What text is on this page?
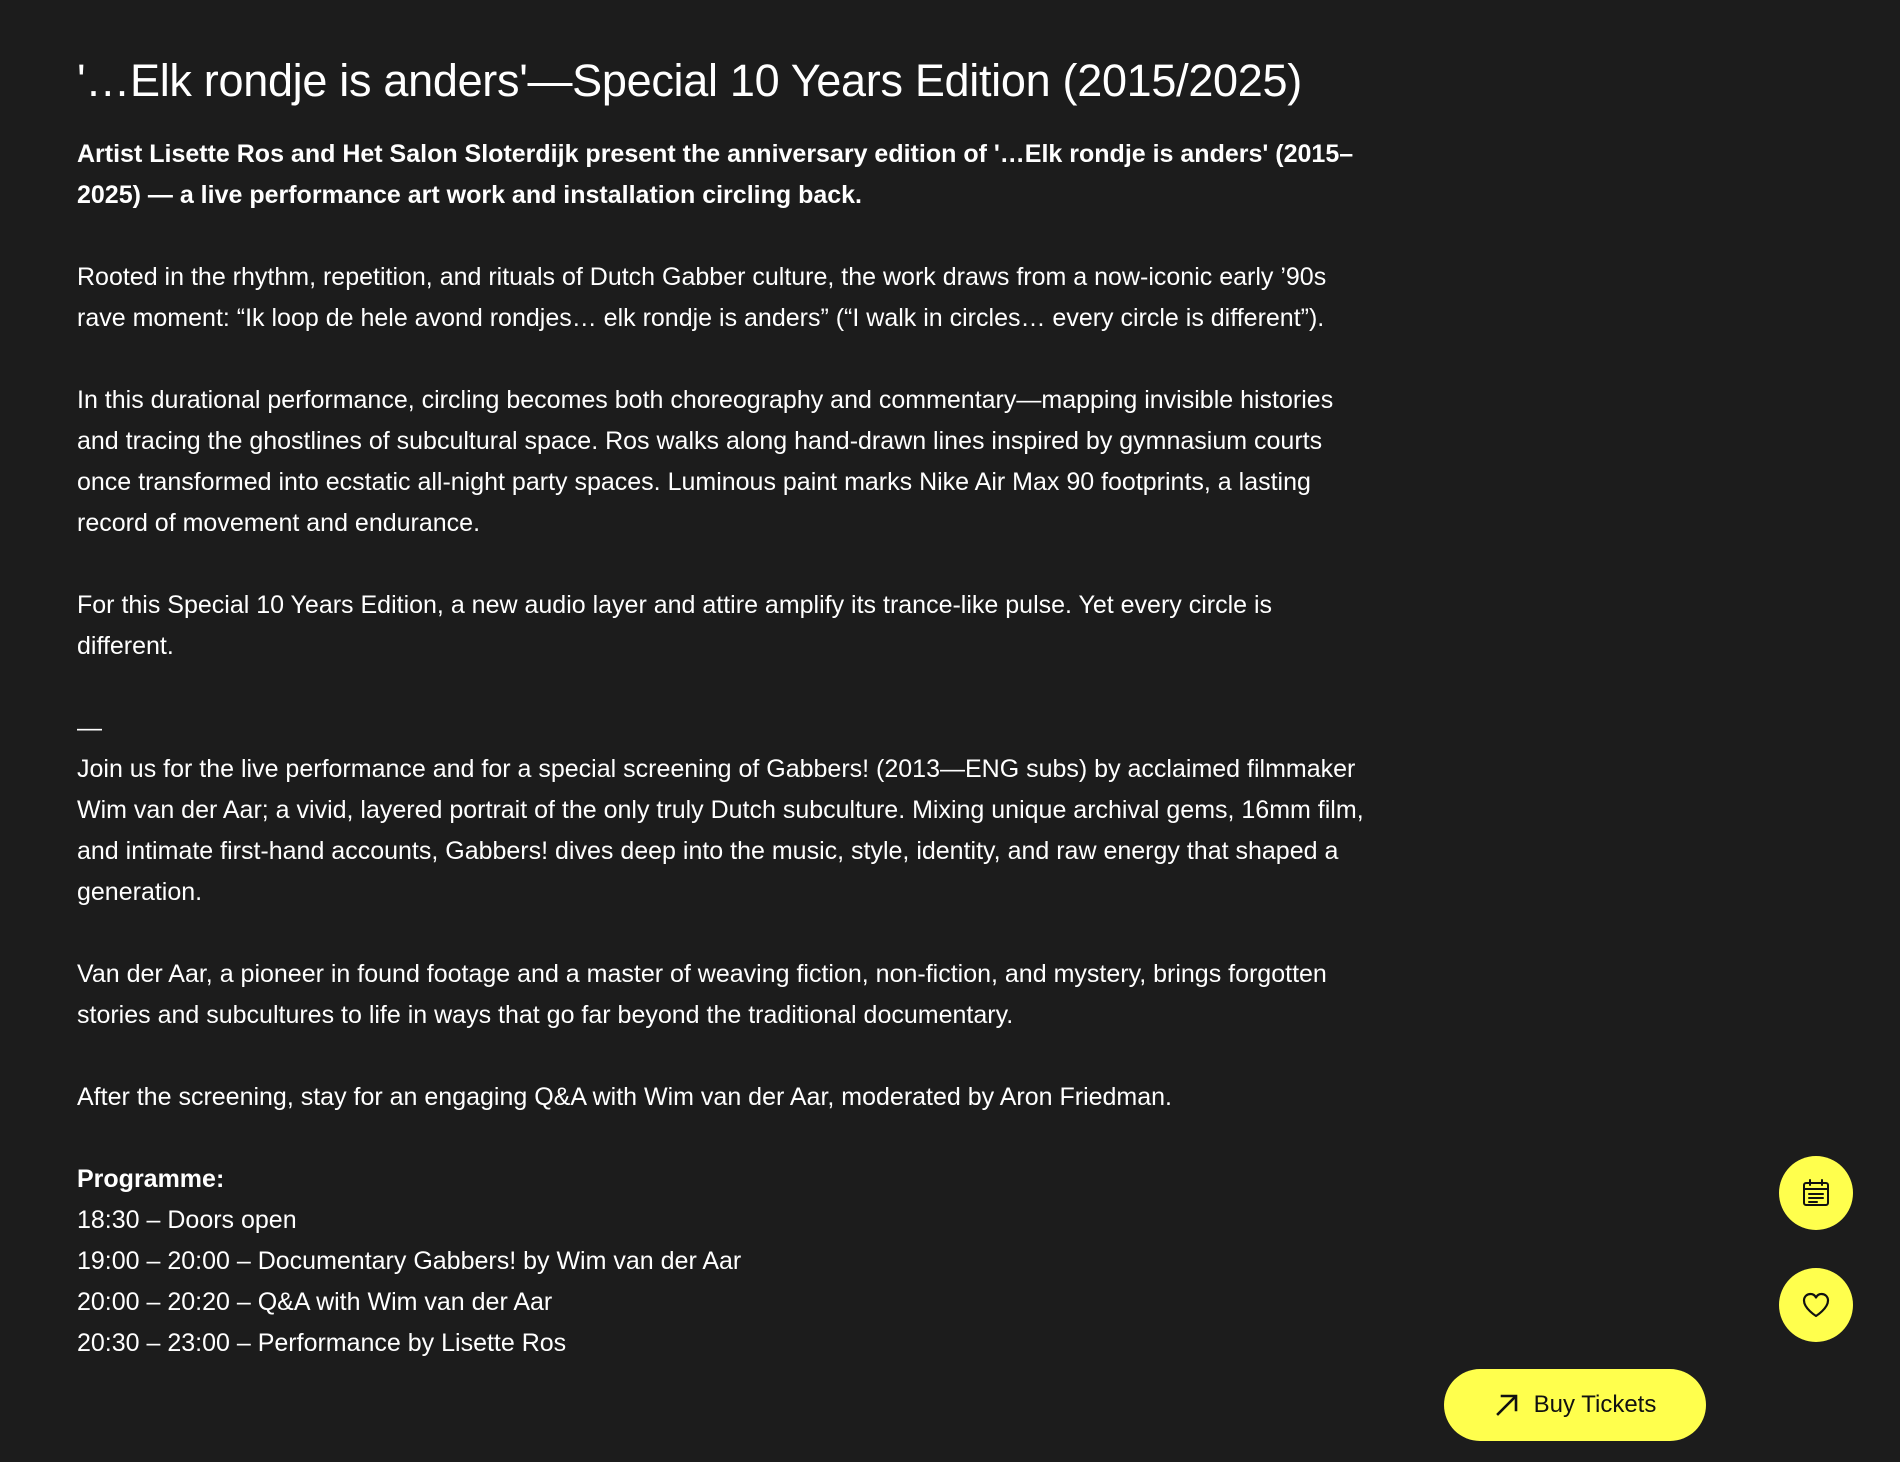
'…Elk rondje is anders'—Special 10 Years Edition (2015/2025)

Artist Lisette Ros and Het Salon Sloterdijk present the anniversary edition of '…Elk rondje is anders' (2015–2025) — a live performance art work and installation circling back.

Rooted in the rhythm, repetition, and rituals of Dutch Gabber culture, the work draws from a now-iconic early ’90s rave moment: “Ik loop de hele avond rondjes… elk rondje is anders” (“I walk in circles… every circle is different”).

In this durational performance, circling becomes both choreography and commentary—mapping invisible histories and tracing the ghostlines of subcultural space. Ros walks along hand-drawn lines inspired by gymnasium courts once transformed into ecstatic all-night party spaces. Luminous paint marks Nike Air Max 90 footprints, a lasting record of movement and endurance.

For this Special 10 Years Edition, a new audio layer and attire amplify its trance-like pulse. Yet every circle is different.

—

Join us for the live performance and for a special screening of Gabbers! (2013—ENG subs) by acclaimed filmmaker Wim van der Aar; a vivid, layered portrait of the only truly Dutch subculture. Mixing unique archival gems, 16mm film, and intimate first-hand accounts, Gabbers! dives deep into the music, style, identity, and raw energy that shaped a generation.

Van der Aar, a pioneer in found footage and a master of weaving fiction, non-fiction, and mystery, brings forgotten stories and subcultures to life in ways that go far beyond the traditional documentary.

After the screening, stay for an engaging Q&A with Wim van der Aar, moderated by Aron Friedman.

Programme:
18:30 – Doors open
19:00 – 20:00 – Documentary Gabbers! by Wim van der Aar
20:00 – 20:20 – Q&A with Wim van der Aar
20:30 – 23:00 – Performance by Lisette Ros
Buy Tickets
